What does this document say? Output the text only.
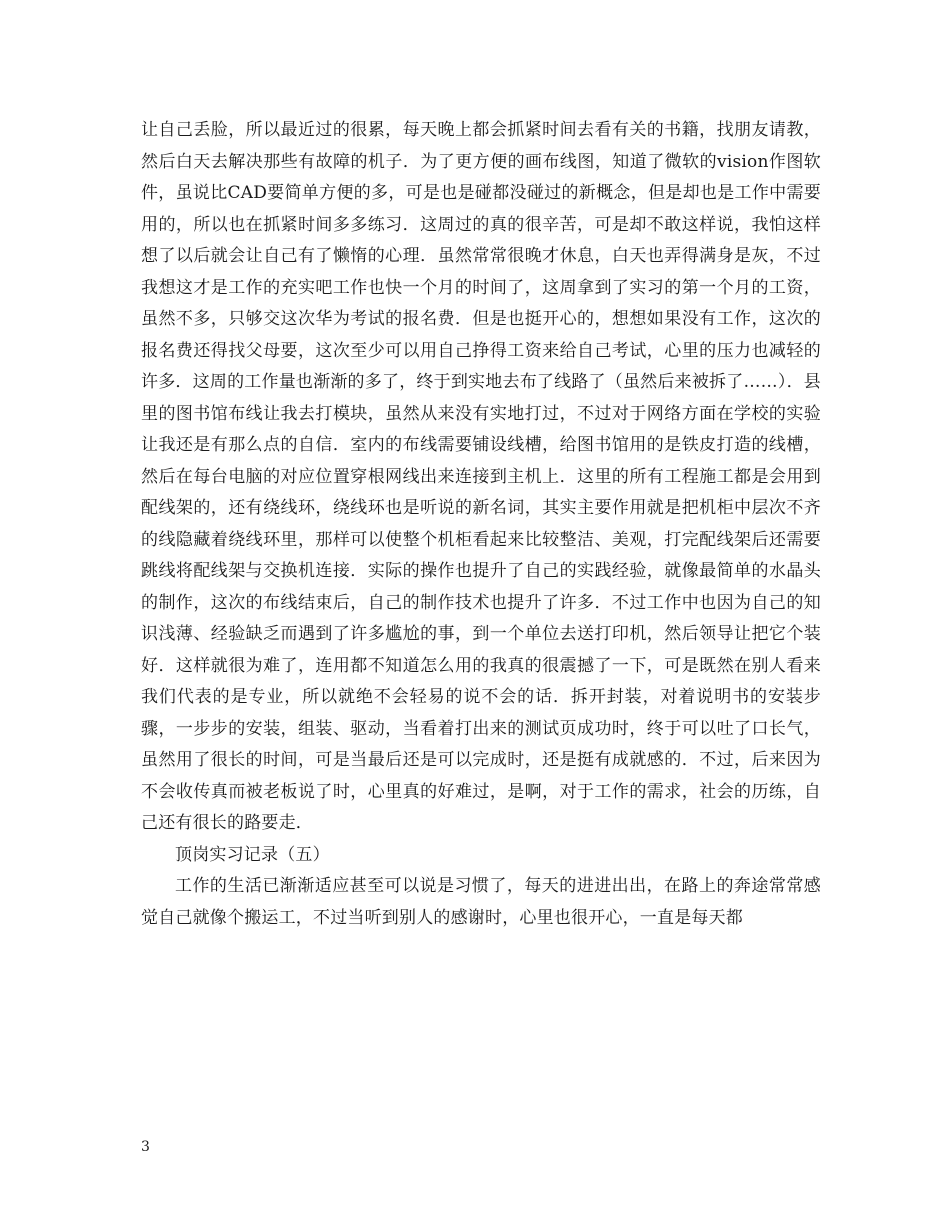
让自己丢脸，所以最近过的很累，每天晚上都会抓紧时间去看有关的书籍，找朋友请教，然后白天去解决那些有故障的机子．为了更方便的画布线图，知道了微软的vision作图软件，虽说比CAD要简单方便的多，可是也是碰都没碰过的新概念，但是却也是工作中需要用的，所以也在抓紧时间多多练习．这周过的真的很辛苦，可是却不敢这样说，我怕这样想了以后就会让自己有了懒惰的心理．虽然常常很晚才休息，白天也弄得满身是灰，不过我想这才是工作的充实吧工作也快一个月的时间了，这周拿到了实习的第一个月的工资，虽然不多，只够交这次华为考试的报名费．但是也挺开心的，想想如果没有工作，这次的报名费还得找父母要，这次至少可以用自己挣得工资来给自己考试，心里的压力也减轻的许多．这周的工作量也渐渐的多了，终于到实地去布了线路了（虽然后来被拆了……）．县里的图书馆布线让我去打模块，虽然从来没有实地打过，不过对于网络方面在学校的实验让我还是有那么点的自信．室内的布线需要铺设线槽，给图书馆用的是铁皮打造的线槽，然后在每台电脑的对应位置穿根网线出来连接到主机上．这里的所有工程施工都是会用到配线架的，还有绕线环，绕线环也是听说的新名词，其实主要作用就是把机柜中层次不齐的线隐藏着绕线环里，那样可以使整个机柜看起来比较整洁、美观，打完配线架后还需要跳线将配线架与交换机连接．实际的操作也提升了自己的实践经验，就像最简单的水晶头的制作，这次的布线结束后，自己的制作技术也提升了许多．不过工作中也因为自己的知识浅薄、经验缺乏而遇到了许多尴尬的事，到一个单位去送打印机，然后领导让把它个装好．这样就很为难了，连用都不知道怎么用的我真的很震撼了一下，可是既然在别人看来我们代表的是专业，所以就绝不会轻易的说不会的话．拆开封装，对着说明书的安装步骤，一步步的安装，组装、驱动，当看着打出来的测试页成功时，终于可以吐了口长气，虽然用了很长的时间，可是当最后还是可以完成时，还是挺有成就感的．不过，后来因为不会收传真而被老板说了时，心里真的好难过，是啊，对于工作的需求，社会的历练，自己还有很长的路要走．

顶岗实习记录（五）

工作的生活已渐渐适应甚至可以说是习惯了，每天的进进出出，在路上的奔途常常感觉自己就像个搬运工，不过当听到别人的感谢时，心里也很开心，一直是每天都

3
